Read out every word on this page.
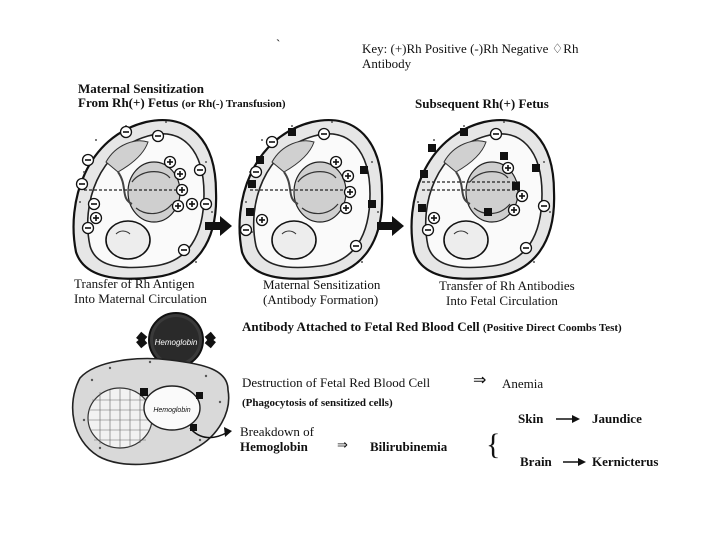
ˎ
Key: (+)Rh Positive (-)Rh Negative ♢Rh
Antibody
Maternal Sensitization
From Rh(+) Fetus (or Rh(-) Transfusion)	Subsequent Rh(+) Fetus
Hemoglobin
Hemoglobin
Transfer of Rh Antigen
Into Maternal Circulation
Maternal Sensitization
(Antibody Formation)
Transfer of Rh Antibodies
Into Fetal Circulation
Antibody Attached to Fetal Red Blood Cell (Positive Direct Coombs Test)
Destruction of Fetal Red Blood Cell	⇒ Anemia
(Phagocytosis of sensitized cells)
Breakdown of
Hemoglobin ⇒ Bilirubinemia {
Skin	Jaundice
Brain	Kernicterus
